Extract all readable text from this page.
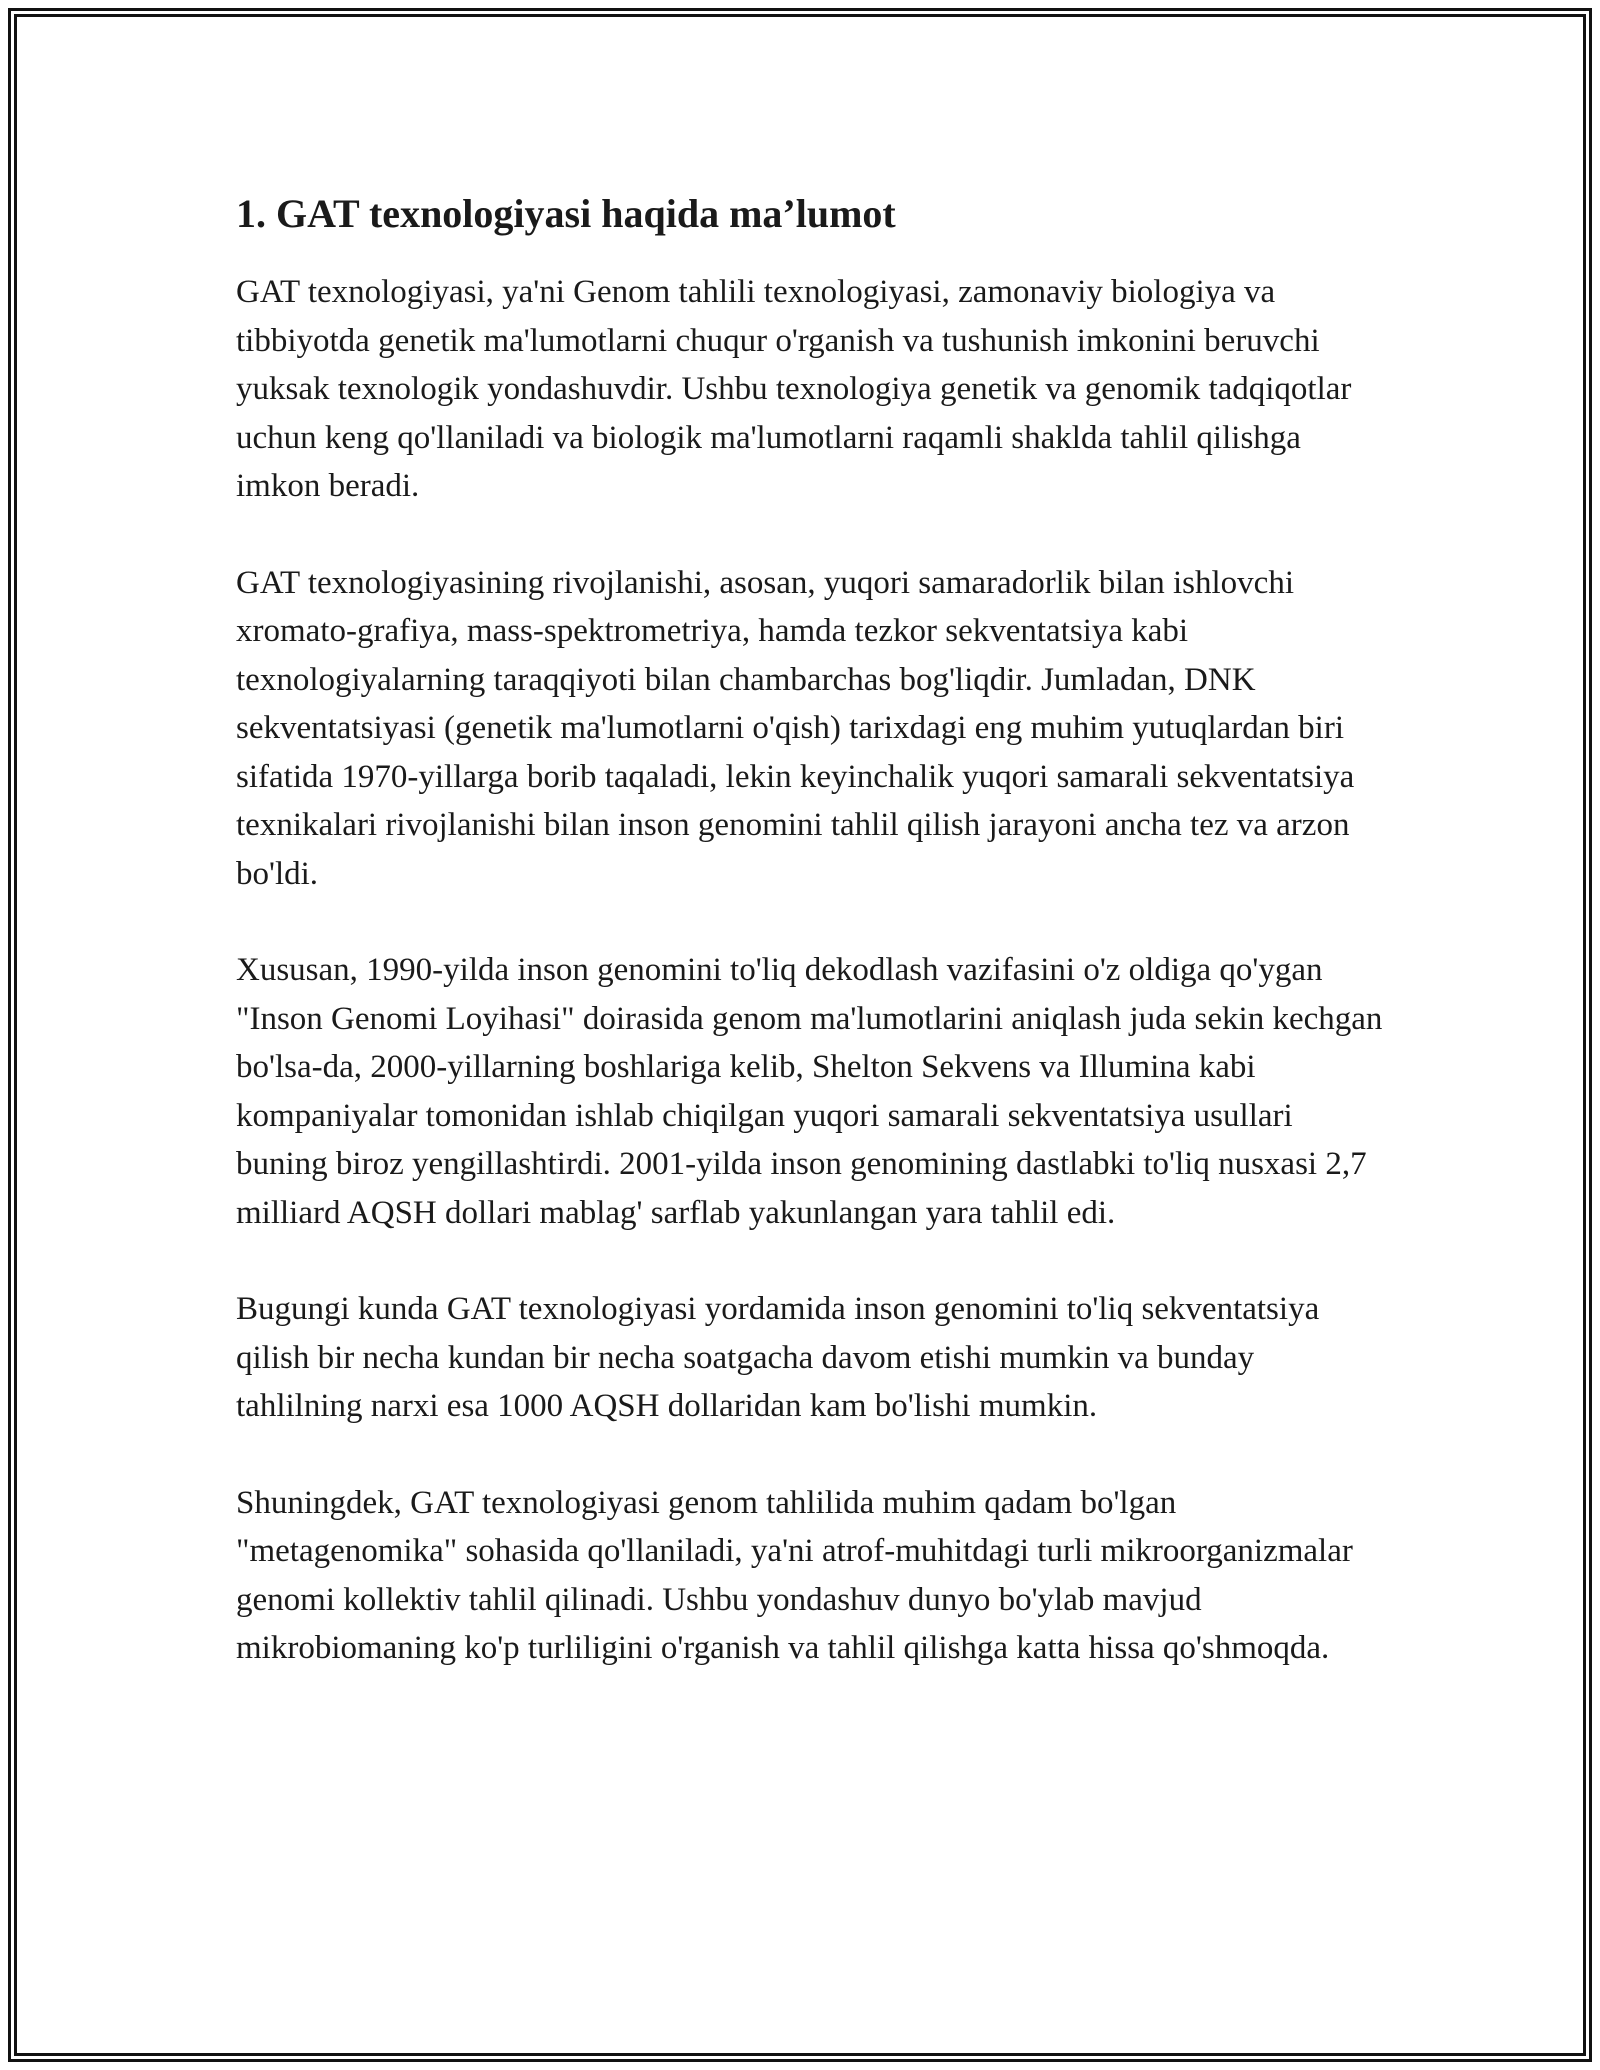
1. GAT texnologiyasi haqida ma’lumot

GAT texnologiyasi, ya'ni Genom tahlili texnologiyasi, zamonaviy biologiya va tibbiyotda genetik ma'lumotlarni chuqur o'rganish va tushunish imkonini beruvchi yuksak texnologik yondashuvdir. Ushbu texnologiya genetik va genomik tadqiqotlar uchun keng qo'llaniladi va biologik ma'lumotlarni raqamli shaklda tahlil qilishga imkon beradi.

GAT texnologiyasining rivojlanishi, asosan, yuqori samaradorlik bilan ishlovchi xromato-grafiya, mass-spektrometriya, hamda tezkor sekventatsiya kabi texnologiyalarning taraqqiyoti bilan chambarchas bog'liqdir. Jumladan, DNK sekventatsiyasi (genetik ma'lumotlarni o'qish) tarixdagi eng muhim yutuqlardan biri sifatida 1970-yillarga borib taqaladi, lekin keyinchalik yuqori samarali sekventatsiya texnikalari rivojlanishi bilan inson genomini tahlil qilish jarayoni ancha tez va arzon bo'ldi.

Xususan, 1990-yilda inson genomini to'liq dekodlash vazifasini o'z oldiga qo'ygan "Inson Genomi Loyihasi" doirasida genom ma'lumotlarini aniqlash juda sekin kechgan bo'lsa-da, 2000-yillarning boshlariga kelib, Shelton Sekvens va Illumina kabi kompaniyalar tomonidan ishlab chiqilgan yuqori samarali sekventatsiya usullari buning biroz yengillashtirdi. 2001-yilda inson genomining dastlabki to'liq nusxasi 2,7 milliard AQSH dollari mablag' sarflab yakunlangan yara tahlil edi.

Bugungi kunda GAT texnologiyasi yordamida inson genomini to'liq sekventatsiya qilish bir necha kundan bir necha soatgacha davom etishi mumkin va bunday tahlilning narxi esa 1000 AQSH dollaridan kam bo'lishi mumkin.

Shuningdek, GAT texnologiyasi genom tahlilida muhim qadam bo'lgan "metagenomika" sohasida qo'llaniladi, ya'ni atrof-muhitdagi turli mikroorganizmalar genomi kollektiv tahlil qilinadi. Ushbu yondashuv dunyo bo'ylab mavjud mikrobiomaning ko'p turliligini o'rganish va tahlil qilishga katta hissa qo'shmoqda.
